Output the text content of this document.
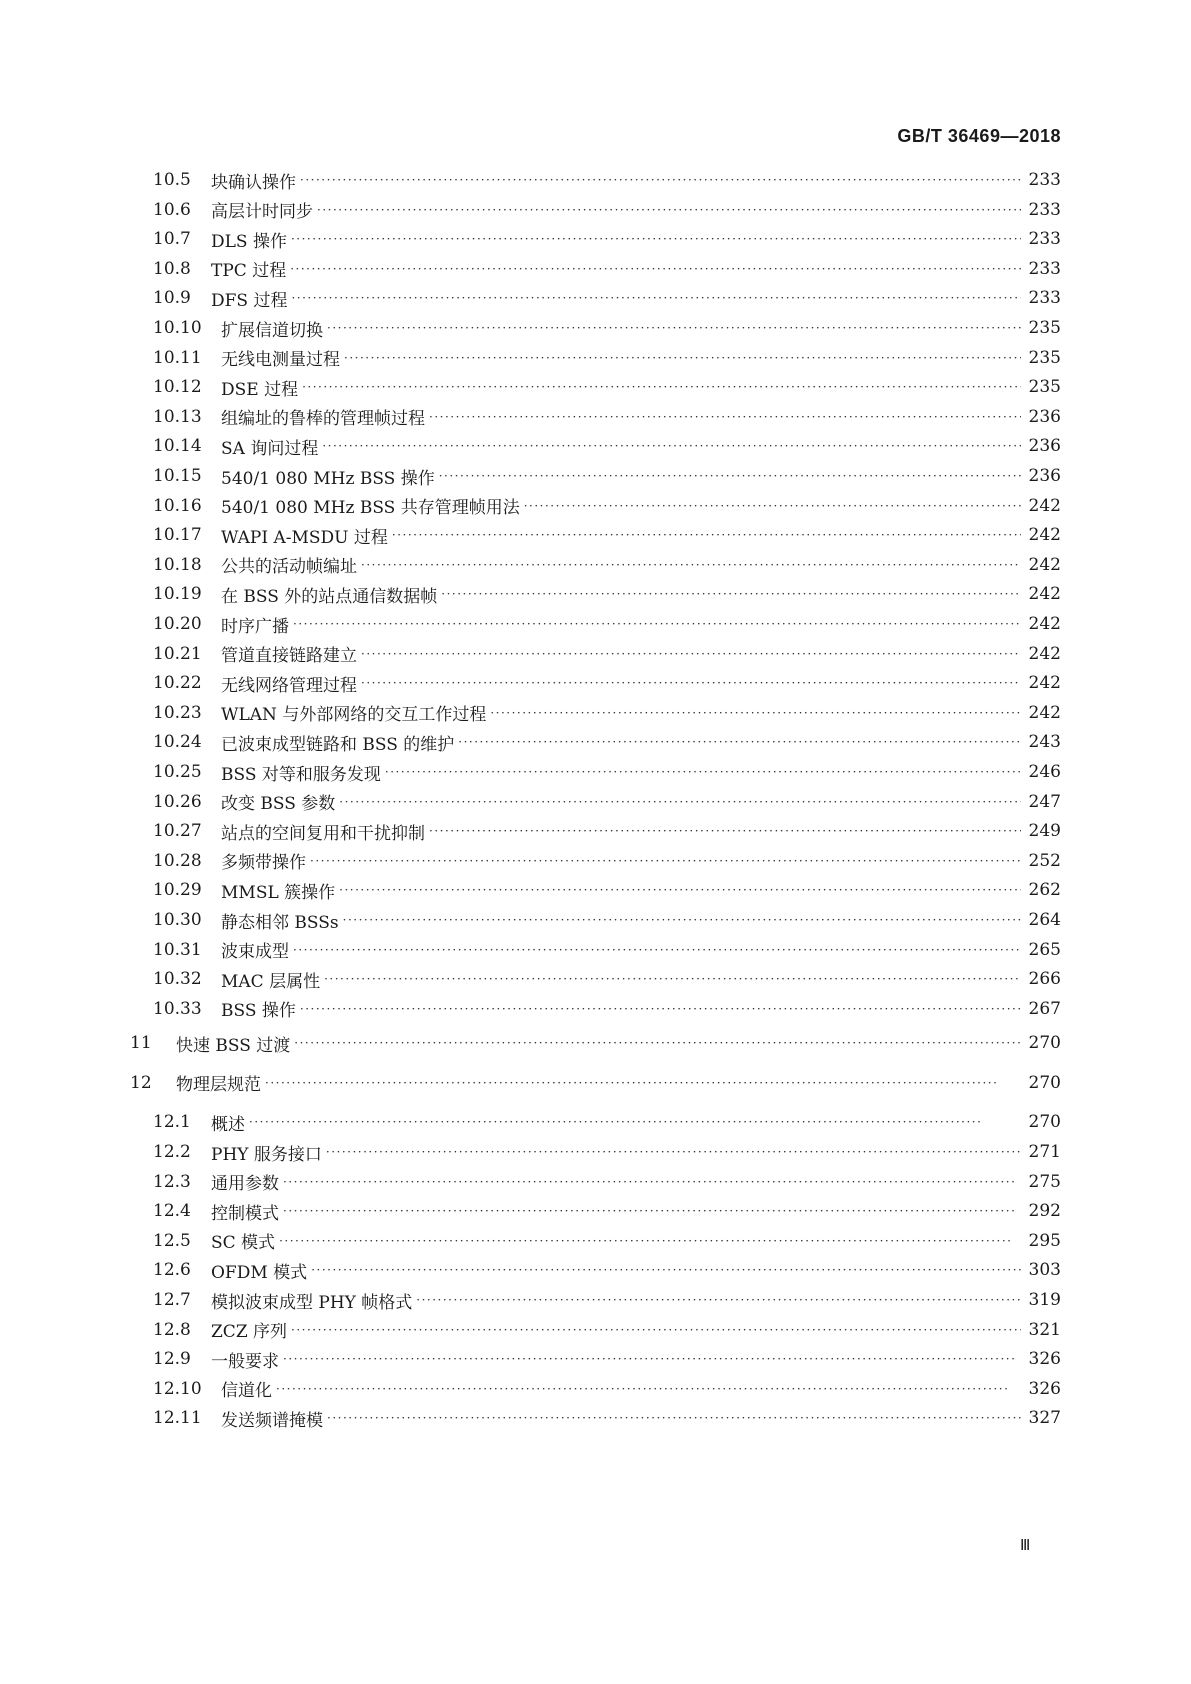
GB/T 36469—2018
10.5	块确认操作 ·····	233
10.6	高层计时同步 ·····	233
10.7	DLS 操作 ·····	233
10.8	TPC 过程 ·····	233
10.9	DFS 过程 ·····	233
10.10	扩展信道切换 ·····	235
10.11	无线电测量过程 ·····	235
10.12	DSE 过程 ·····	235
10.13	组编址的鲁棒的管理帧过程 ·····	236
10.14	SA 询问过程 ·····	236
10.15	540/1 080 MHz BSS 操作 ·····	236
10.16	540/1 080 MHz BSS 共存管理帧用法 ·····	242
10.17	WAPI A-MSDU 过程 ·····	242
10.18	公共的活动帧编址 ·····	242
10.19	在 BSS 外的站点通信数据帧 ·····	242
10.20	时序广播 ·····	242
10.21	管道直接链路建立 ·····	242
10.22	无线网络管理过程 ·····	242
10.23	WLAN 与外部网络的交互工作过程 ·····	242
10.24	已波束成型链路和 BSS 的维护 ·····	243
10.25	BSS 对等和服务发现 ·····	246
10.26	改变 BSS 参数 ·····	247
10.27	站点的空间复用和干扰抑制 ·····	249
10.28	多频带操作 ·····	252
10.29	MMSL 簇操作 ·····	262
10.30	静态相邻 BSSs ·····	264
10.31	波束成型 ·····	265
10.32	MAC 层属性 ·····	266
10.33	BSS 操作 ·····	267
11	快速 BSS 过渡 ·····	270
12	物理层规范 ·····	270
12.1	概述 ·····	270
12.2	PHY 服务接口 ·····	271
12.3	通用参数 ·····	275
12.4	控制模式 ·····	292
12.5	SC 模式 ·····	295
12.6	OFDM 模式 ·····	303
12.7	模拟波束成型 PHY 帧格式 ·····	319
12.8	ZCZ 序列 ·····	321
12.9	一般要求 ·····	326
12.10	信道化 ·····	326
12.11	发送频谱掩模 ·····	327
Ⅲ
